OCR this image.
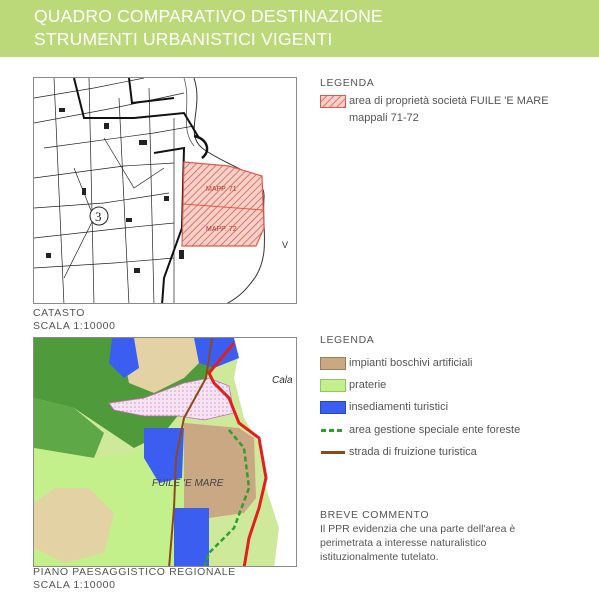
QUADRO COMPARATIVO DESTINAZIONE
STRUMENTI URBANISTICI VIGENTI
MAPP. 71
MAPP. 72
3
V
CATASTO
SCALA 1:10000
LEGENDA
area di proprietà società FUILE 'E MARE
mappali 71-72
FUILE 'E MARE
Cala
PIANO PAESAGGISTICO REGIONALE
SCALA 1:10000
LEGENDA
impianti boschivi artificiali
praterie
insediamenti turistici
area gestione speciale ente foreste
strada di fruizione turistica
BREVE COMMENTO
Il PPR evidenzia che una parte dell'area è
perimetrata a interesse naturalistico
istituzionalmente tutelato.
